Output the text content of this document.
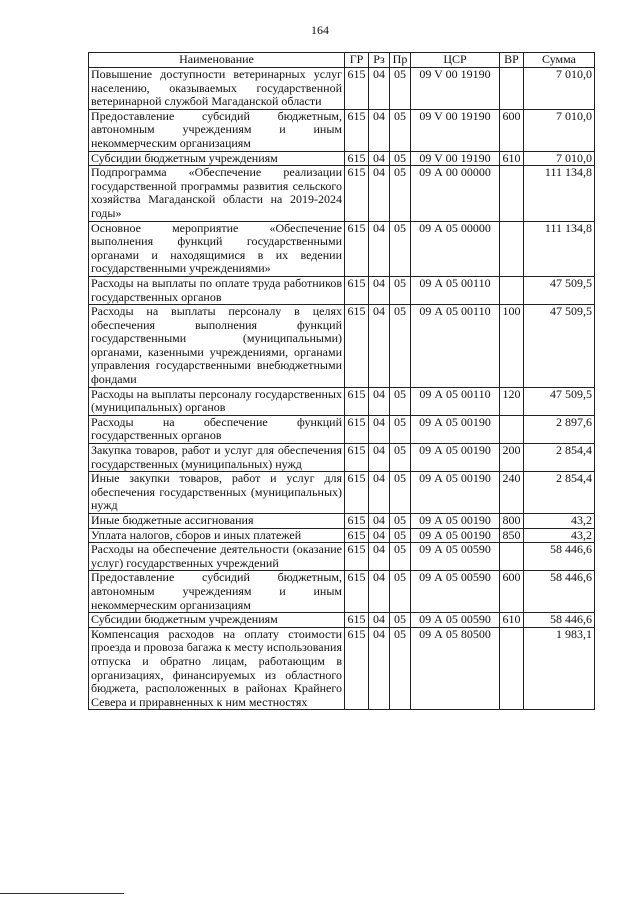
164
Наименование	ГР	Рз	Пр	ЦСР	ВР	Сумма
Повышение доступности ветеринарных услуг населению, оказываемых государственной ветеринарной службой Магаданской области	615	04	05	09 V 00 19190		7 010,0
Предоставление субсидий бюджетным, автономным учреждениям и иным некоммерческим организациям	615	04	05	09 V 00 19190	600	7 010,0
Субсидии бюджетным учреждениям	615	04	05	09 V 00 19190	610	7 010,0
Подпрограмма «Обеспечение реализации государственной программы развития сельского хозяйства Магаданской области на 2019-2024 годы»	615	04	05	09 А 00 00000		111 134,8
Основное мероприятие «Обеспечение выполнения функций государственными органами и находящимися в их ведении государственными учреждениями»	615	04	05	09 А 05 00000		111 134,8
Расходы на выплаты по оплате труда работников государственных органов	615	04	05	09 А 05 00110		47 509,5
Расходы на выплаты персоналу в целях обеспечения выполнения функций государственными (муниципальными) органами, казенными учреждениями, органами управления государственными внебюджетными фондами	615	04	05	09 А 05 00110	100	47 509,5
Расходы на выплаты персоналу государственных (муниципальных) органов	615	04	05	09 А 05 00110	120	47 509,5
Расходы на обеспечение функций государственных органов	615	04	05	09 А 05 00190		2 897,6
Закупка товаров, работ и услуг для обеспечения государственных (муниципальных) нужд	615	04	05	09 А 05 00190	200	2 854,4
Иные закупки товаров, работ и услуг для обеспечения государственных (муниципальных) нужд	615	04	05	09 А 05 00190	240	2 854,4
Иные бюджетные ассигнования	615	04	05	09 А 05 00190	800	43,2
Уплата налогов, сборов и иных платежей	615	04	05	09 А 05 00190	850	43,2
Расходы на обеспечение деятельности (оказание услуг) государственных учреждений	615	04	05	09 А 05 00590		58 446,6
Предоставление субсидий бюджетным, автономным учреждениям и иным некоммерческим организациям	615	04	05	09 А 05 00590	600	58 446,6
Субсидии бюджетным учреждениям	615	04	05	09 А 05 00590	610	58 446,6
Компенсация расходов на оплату стоимости проезда и провоза багажа к месту использования отпуска и обратно лицам, работающим в организациях, финансируемых из областного бюджета, расположенных в районах Крайнего Севера и приравненных к ним местностях	615	04	05	09 А 05 80500		1 983,1
